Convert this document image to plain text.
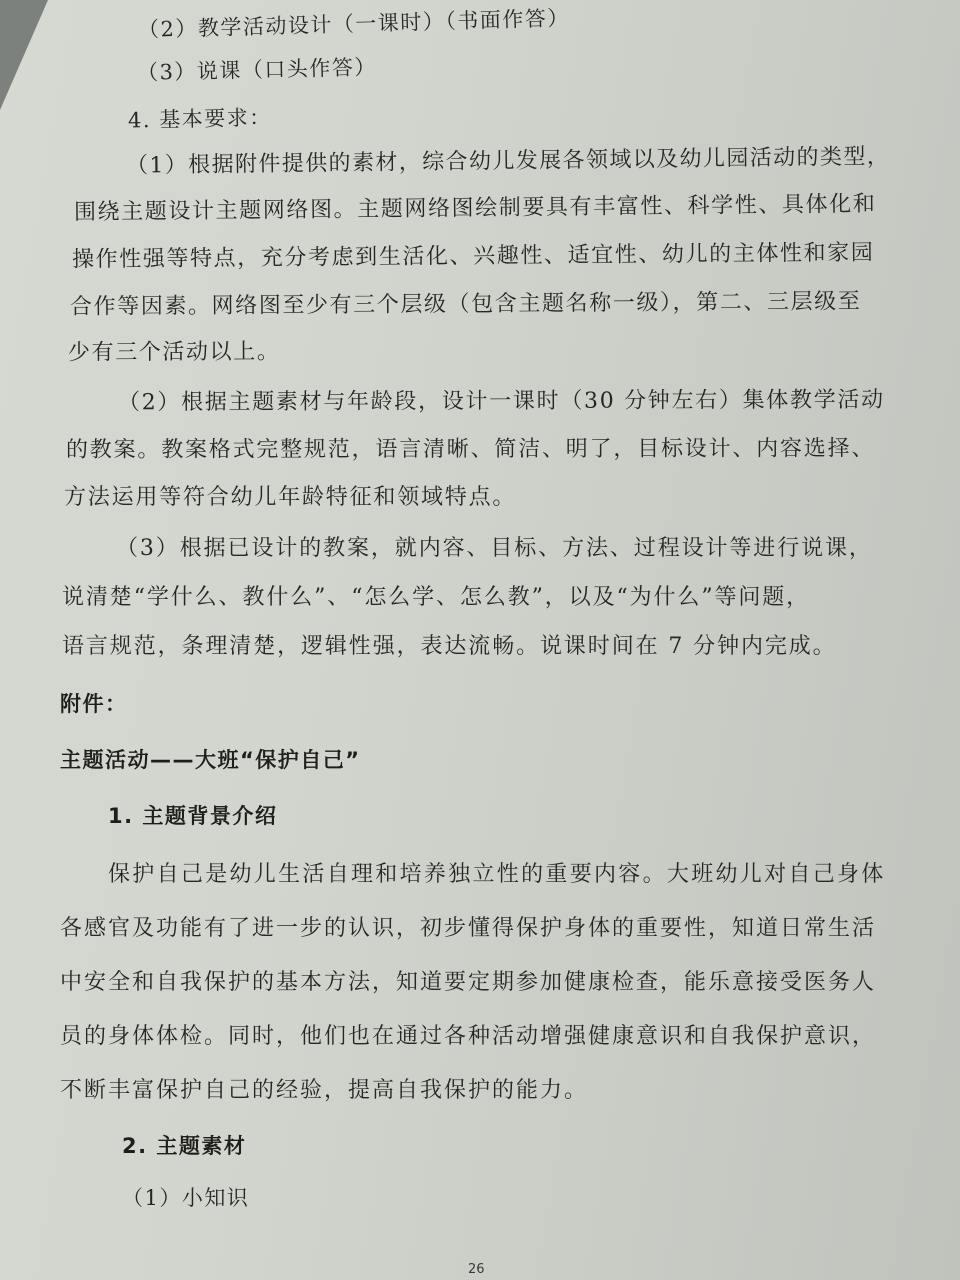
（2）教学活动设计（一课时）（书面作答）
（3）说课（口头作答）
4. 基本要求：
（1）根据附件提供的素材，综合幼儿发展各领域以及幼儿园活动的类型，
围绕主题设计主题网络图。主题网络图绘制要具有丰富性、科学性、具体化和
操作性强等特点，充分考虑到生活化、兴趣性、适宜性、幼儿的主体性和家园
合作等因素。网络图至少有三个层级（包含主题名称一级），第二、三层级至
少有三个活动以上。
（2）根据主题素材与年龄段，设计一课时（30 分钟左右）集体教学活动
的教案。教案格式完整规范，语言清晰、简洁、明了，目标设计、内容选择、
方法运用等符合幼儿年龄特征和领域特点。
（3）根据已设计的教案，就内容、目标、方法、过程设计等进行说课，
说清楚“学什么、教什么”、“怎么学、怎么教”，以及“为什么”等问题，
语言规范，条理清楚，逻辑性强，表达流畅。说课时间在 7 分钟内完成。
附件：
主题活动——大班“保护自己”
1. 主题背景介绍
保护自己是幼儿生活自理和培养独立性的重要内容。大班幼儿对自己身体
各感官及功能有了进一步的认识，初步懂得保护身体的重要性，知道日常生活
中安全和自我保护的基本方法，知道要定期参加健康检查，能乐意接受医务人
员的身体体检。同时，他们也在通过各种活动增强健康意识和自我保护意识，
不断丰富保护自己的经验，提高自我保护的能力。
2. 主题素材
（1）小知识
26
